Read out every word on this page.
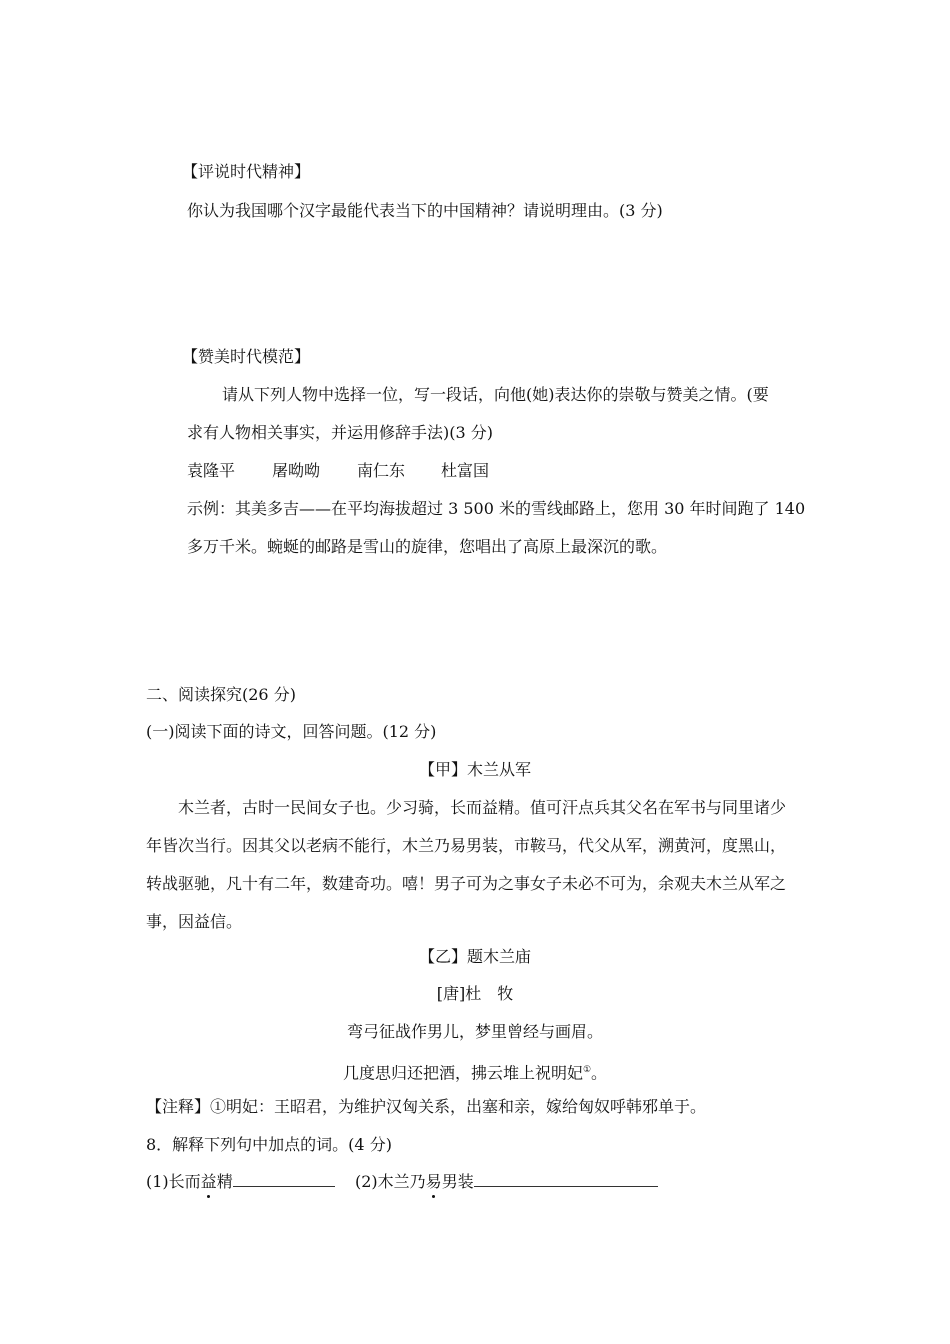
【评说时代精神】
你认为我国哪个汉字最能代表当下的中国精神？请说明理由。(3 分)
【赞美时代模范】
请从下列人物中选择一位，写一段话，向他(她)表达你的崇敬与赞美之情。(要
求有人物相关事实，并运用修辞手法)(3 分)
袁隆平 屠呦呦 南仁东 杜富国
示例：其美多吉——在平均海拔超过 3 500 米的雪线邮路上，您用 30 年时间跑了 140
多万千米。蜿蜒的邮路是雪山的旋律，您唱出了高原上最深沉的歌。
二、阅读探究(26 分)
(一)阅读下面的诗文，回答问题。(12 分)
【甲】木兰从军
木兰者，古时一民间女子也。少习骑，长而益精。值可汗点兵其父名在军书与同里诸少
年皆次当行。因其父以老病不能行，木兰乃易男装，市鞍马，代父从军，溯黄河，度黑山，
转战驱驰，凡十有二年，数建奇功。嘻！男子可为之事女子未必不可为，余观夫木兰从军之
事，因益信。
【乙】题木兰庙
[唐]杜　牧
弯弓征战作男儿，梦里曾经与画眉。
几度思归还把酒，拂云堆上祝明妃①。
【注释】①明妃：王昭君，为维护汉匈关系，出塞和亲，嫁给匈奴呼韩邪单于。
8．解释下列句中加点的词。(4 分)
(1)长而益精	(2)木兰乃易男装
